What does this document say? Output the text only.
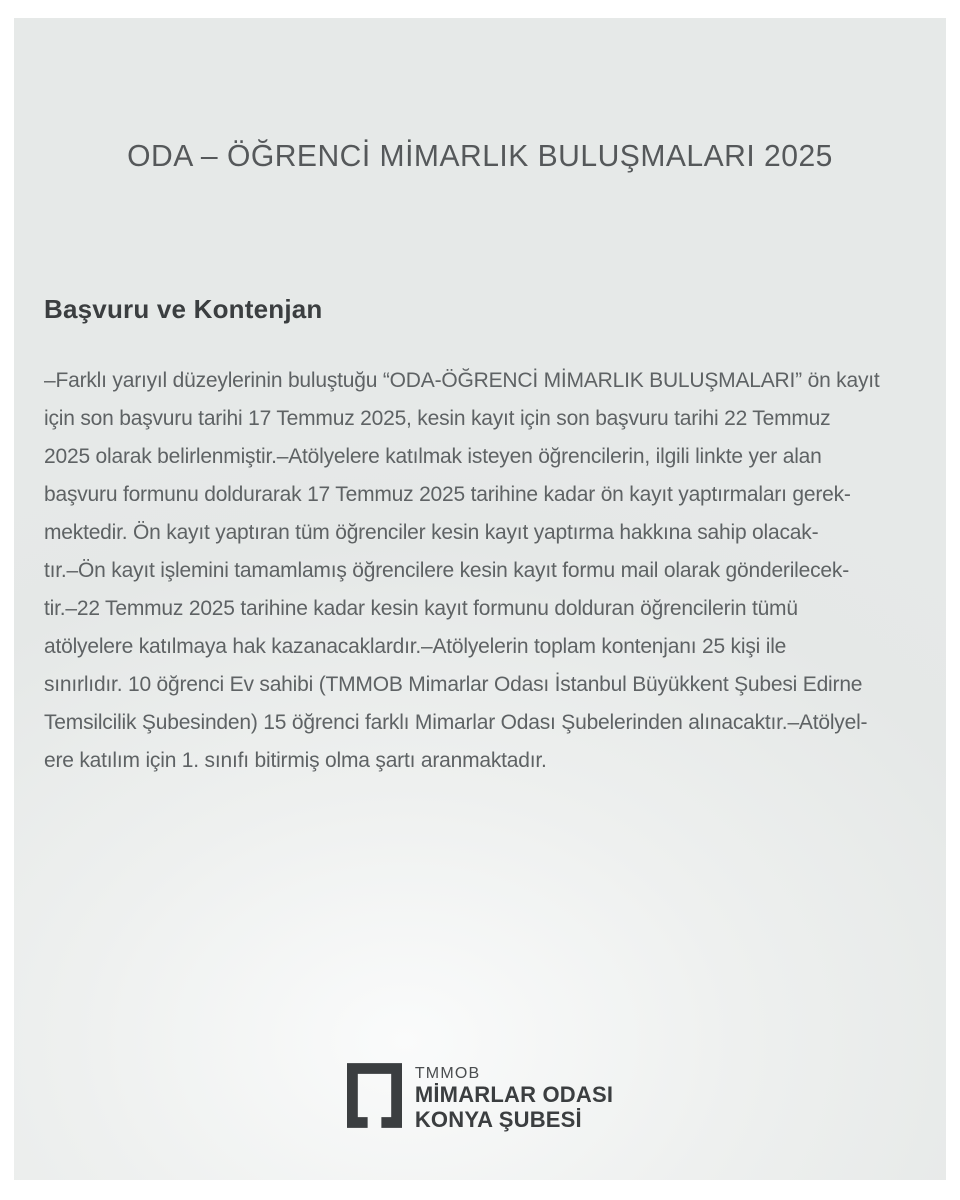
ODA – ÖĞRENCİ MİMARLIK BULUŞMALARI 2025
Başvuru ve Kontenjan
–Farklı yarıyıl düzeylerinin buluştuğu “ODA-ÖĞRENCİ MİMARLIK BULUŞMALARI” ön kayıt
için son başvuru tarihi 17 Temmuz 2025, kesin kayıt için son başvuru tarihi 22 Temmuz
2025 olarak belirlenmiştir.–Atölyelere katılmak isteyen öğrencilerin, ilgili linkte yer alan
başvuru formunu doldurarak 17 Temmuz 2025 tarihine kadar ön kayıt yaptırmaları gerek-
mektedir. Ön kayıt yaptıran tüm öğrenciler kesin kayıt yaptırma hakkına sahip olacak-
tır.–Ön kayıt işlemini tamamlamış öğrencilere kesin kayıt formu mail olarak gönderilecek-
tir.–22 Temmuz 2025 tarihine kadar kesin kayıt formunu dolduran öğrencilerin tümü
atölyelere katılmaya hak kazanacaklardır.–Atölyelerin toplam kontenjanı 25 kişi ile
sınırlıdır. 10 öğrenci Ev sahibi (TMMOB Mimarlar Odası İstanbul Büyükkent Şubesi Edirne
Temsilcilik Şubesinden) 15 öğrenci farklı Mimarlar Odası Şubelerinden alınacaktır.–Atölyel-
ere katılım için 1. sınıfı bitirmiş olma şartı aranmaktadır.
TMMOB
MİMARLAR ODASI
KONYA ŞUBESİ
